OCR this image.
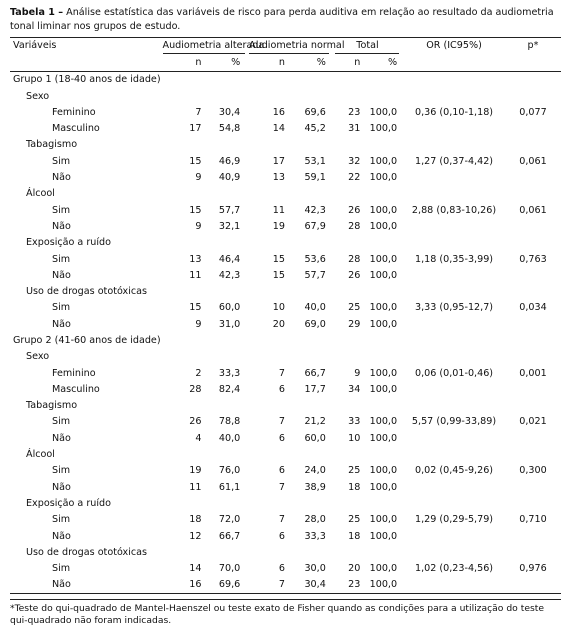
Tabela 1 – Análise estatística das variáveis de risco para perda auditiva em relação ao resultado da audiometria tonal liminar nos grupos de estudo.
Variáveis	Audiometria alterada		Audiometria normal		Total		OR (IC95%)	p*
	n	%	n	%	n	%		
Grupo 1 (18-40 anos de idade)								
Sexo								
Feminino	7	30,4	16	69,6	23	100,0	0,36 (0,10-1,18)	0,077
Masculino	17	54,8	14	45,2	31	100,0		
Tabagismo								
Sim	15	46,9	17	53,1	32	100,0	1,27 (0,37-4,42)	0,061
Não	9	40,9	13	59,1	22	100,0		
Álcool								
Sim	15	57,7	11	42,3	26	100,0	2,88 (0,83-10,26)	0,061
Não	9	32,1	19	67,9	28	100,0		
Exposição a ruído								
Sim	13	46,4	15	53,6	28	100,0	1,18 (0,35-3,99)	0,763
Não	11	42,3	15	57,7	26	100,0		
Uso de drogas ototóxicas								
Sim	15	60,0	10	40,0	25	100,0	3,33 (0,95-12,7)	0,034
Não	9	31,0	20	69,0	29	100,0		
Grupo 2 (41-60 anos de idade)								
Sexo								
Feminino	2	33,3	7	66,7	9	100,0	0,06 (0,01-0,46)	0,001
Masculino	28	82,4	6	17,7	34	100,0		
Tabagismo								
Sim	26	78,8	7	21,2	33	100,0	5,57 (0,99-33,89)	0,021
Não	4	40,0	6	60,0	10	100,0		
Álcool								
Sim	19	76,0	6	24,0	25	100,0	0,02 (0,45-9,26)	0,300
Não	11	61,1	7	38,9	18	100,0		
Exposição a ruído								
Sim	18	72,0	7	28,0	25	100,0	1,29 (0,29-5,79)	0,710
Não	12	66,7	6	33,3	18	100,0		
Uso de drogas ototóxicas								
Sim	14	70,0	6	30,0	20	100,0	1,02 (0,23-4,56)	0,976
Não	16	69,6	7	30,4	23	100,0		
*Teste do qui-quadrado de Mantel-Haenszel ou teste exato de Fisher quando as condições para a utilização do teste qui-quadrado não foram indicadas.
